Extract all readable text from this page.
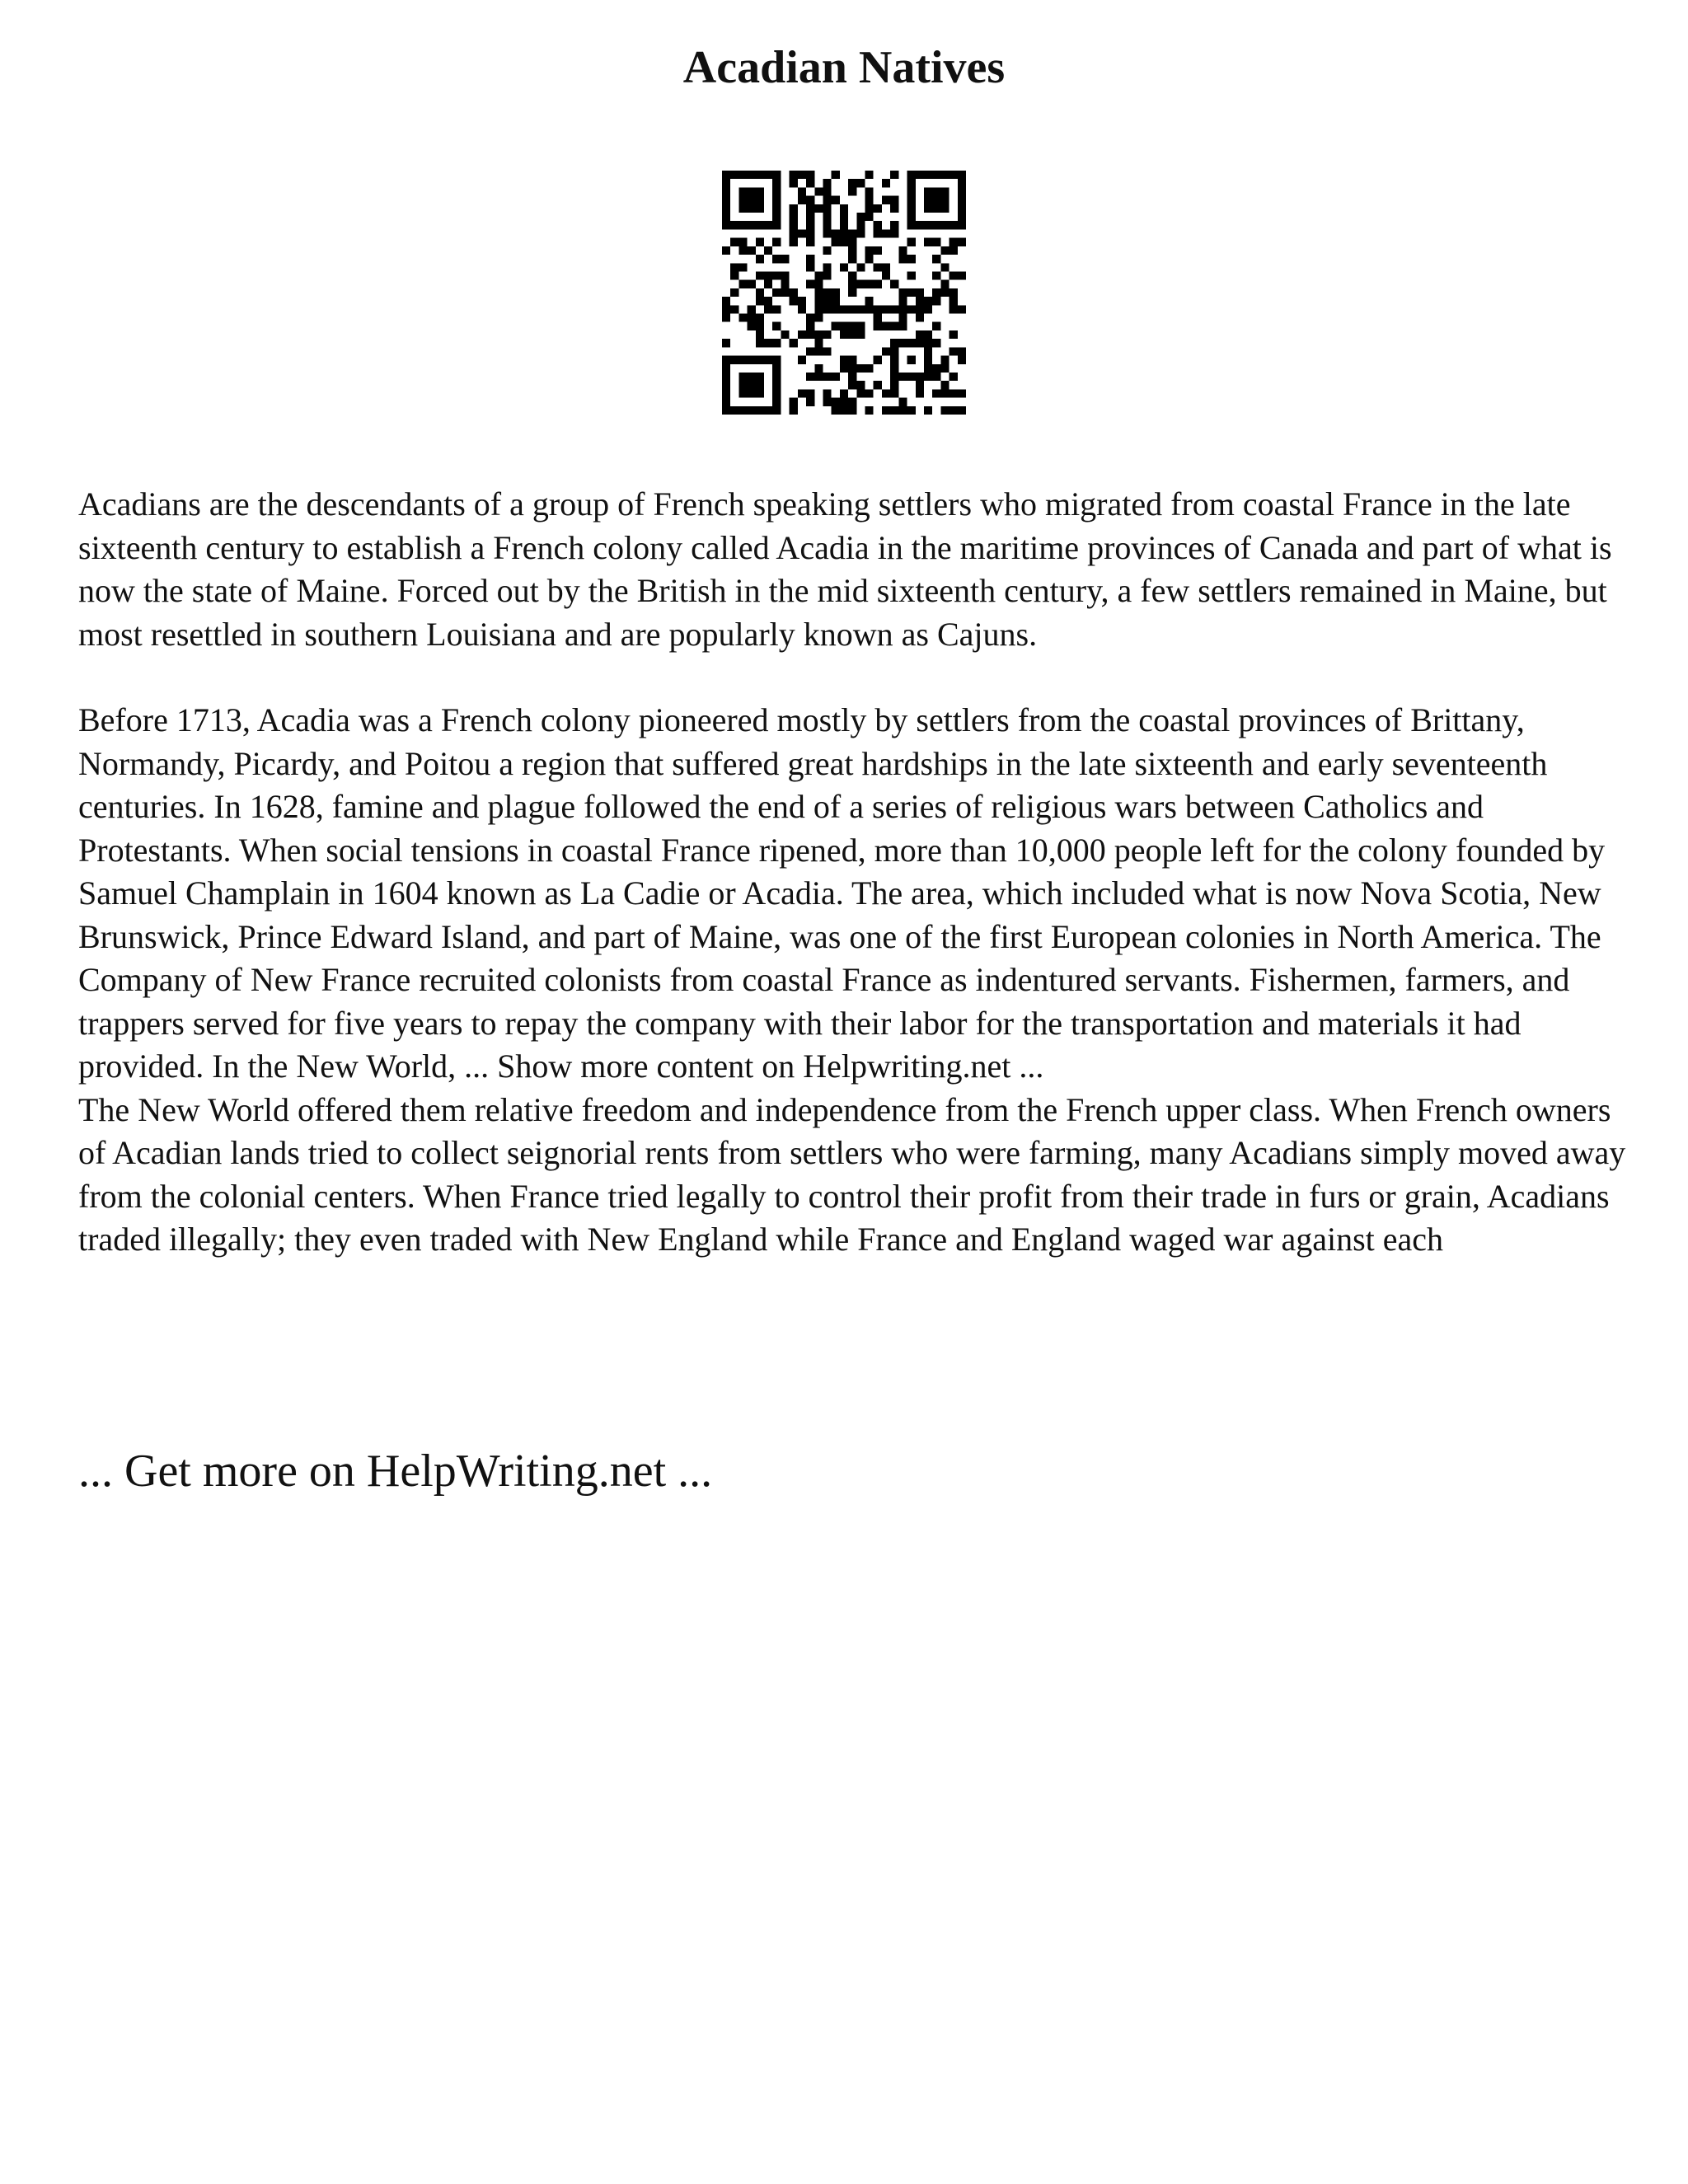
Acadian Natives

Acadians are the descendants of a group of French speaking settlers who migrated from coastal France in the late sixteenth century to establish a French colony called Acadia in the maritime provinces of Canada and part of what is now the state of Maine. Forced out by the British in the mid sixteenth century, a few settlers remained in Maine, but most resettled in southern Louisiana and are popularly known as Cajuns.

Before 1713, Acadia was a French colony pioneered mostly by settlers from the coastal provinces of Brittany, Normandy, Picardy, and Poitou a region that suffered great hardships in the late sixteenth and early seventeenth centuries. In 1628, famine and plague followed the end of a series of religious wars between Catholics and Protestants. When social tensions in coastal France ripened, more than 10,000 people left for the colony founded by Samuel Champlain in 1604 known as La Cadie or Acadia. The area, which included what is now Nova Scotia, New Brunswick, Prince Edward Island, and part of Maine, was one of the first European colonies in North America. The Company of New France recruited colonists from coastal France as indentured servants. Fishermen, farmers, and trappers served for five years to repay the company with their labor for the transportation and materials it had provided. In the New World, ... Show more content on Helpwriting.net ...

The New World offered them relative freedom and independence from the French upper class. When French owners of Acadian lands tried to collect seignorial rents from settlers who were farming, many Acadians simply moved away from the colonial centers. When France tried legally to control their profit from their trade in furs or grain, Acadians traded illegally; they even traded with New England while France and England waged war against each

... Get more on HelpWriting.net ...
